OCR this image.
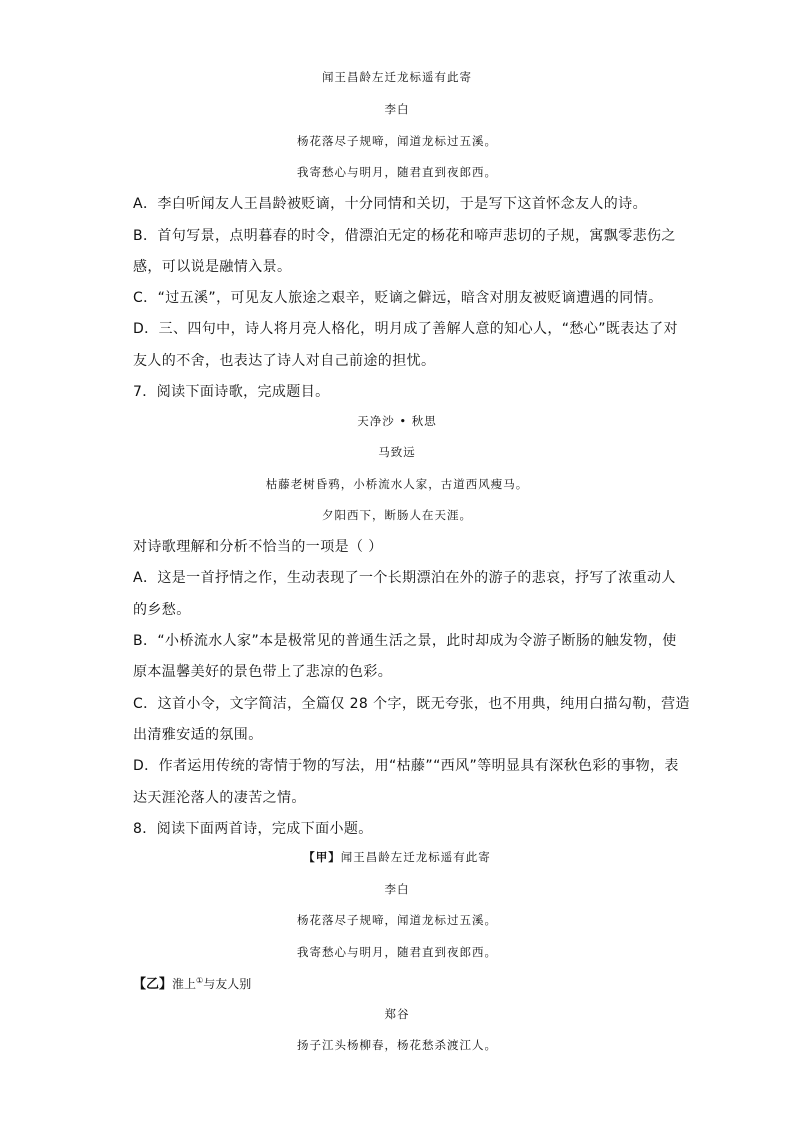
闻王昌龄左迁龙标遥有此寄
李白
杨花落尽子规啼，闻道龙标过五溪。
我寄愁心与明月，随君直到夜郎西。
A．李白听闻友人王昌龄被贬谪，十分同情和关切，于是写下这首怀念友人的诗。
B．首句写景，点明暮春的时令，借漂泊无定的杨花和啼声悲切的子规，寓飘零悲伤之
感，可以说是融情入景。
C．“过五溪”，可见友人旅途之艰辛，贬谪之僻远，暗含对朋友被贬谪遭遇的同情。
D．三、四句中，诗人将月亮人格化，明月成了善解人意的知心人，“愁心”既表达了对
友人的不舍，也表达了诗人对自己前途的担忧。
7．阅读下面诗歌，完成题目。
天净沙 • 秋思
马致远
枯藤老树昏鸦，小桥流水人家，古道西风瘦马。
夕阳西下，断肠人在天涯。
对诗歌理解和分析不恰当的一项是（ ）
A．这是一首抒情之作，生动表现了一个长期漂泊在外的游子的悲哀，抒写了浓重动人
的乡愁。
B．“小桥流水人家”本是极常见的普通生活之景，此时却成为令游子断肠的触发物，使
原本温馨美好的景色带上了悲凉的色彩。
C．这首小令，文字简洁，全篇仅 28 个字，既无夸张，也不用典，纯用白描勾勒，营造
出清雅安适的氛围。
D．作者运用传统的寄情于物的写法，用“枯藤”“西风”等明显具有深秋色彩的事物，表
达天涯沦落人的凄苦之情。
8．阅读下面两首诗，完成下面小题。
【甲】闻王昌龄左迁龙标遥有此寄
李白
杨花落尽子规啼，闻道龙标过五溪。
我寄愁心与明月，随君直到夜郎西。
【乙】淮上①与友人别
郑谷
扬子江头杨柳春，杨花愁杀渡江人。
